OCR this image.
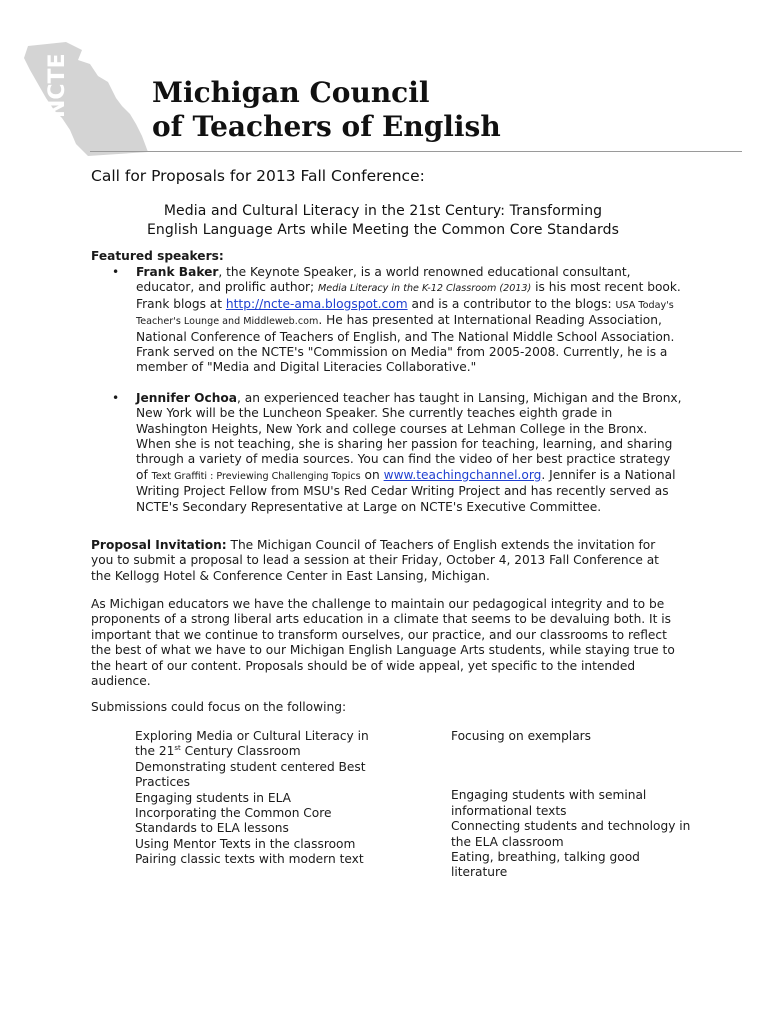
NCTE	Michigan Council
of Teachers of English
Call for Proposals for 2013 Fall Conference:
Media and Cultural Literacy in the 21st Century: Transforming
English Language Arts while Meeting the Common Core Standards
Featured speakers:
• Frank Baker, the Keynote Speaker, is a world renowned educational consultant, educator, and prolific author; Media Literacy in the K-12 Classroom (2013) is his most recent book. Frank blogs at http://ncte-ama.blogspot.com and is a contributor to the blogs: USA Today's Teacher's Lounge and Middleweb.com. He has presented at International Reading Association, National Conference of Teachers of English, and The National Middle School Association. Frank served on the NCTE's "Commission on Media" from 2005-2008. Currently, he is a member of "Media and Digital Literacies Collaborative."
• Jennifer Ochoa, an experienced teacher has taught in Lansing, Michigan and the Bronx, New York will be the Luncheon Speaker. She currently teaches eighth grade in Washington Heights, New York and college courses at Lehman College in the Bronx. When she is not teaching, she is sharing her passion for teaching, learning, and sharing through a variety of media sources. You can find the video of her best practice strategy of Text Graffiti : Previewing Challenging Topics on www.teachingchannel.org. Jennifer is a National Writing Project Fellow from MSU's Red Cedar Writing Project and has recently served as NCTE's Secondary Representative at Large on NCTE's Executive Committee.
Proposal Invitation: The Michigan Council of Teachers of English extends the invitation for you to submit a proposal to lead a session at their Friday, October 4, 2013 Fall Conference at the Kellogg Hotel & Conference Center in East Lansing, Michigan.
As Michigan educators we have the challenge to maintain our pedagogical integrity and to be proponents of a strong liberal arts education in a climate that seems to be devaluing both. It is important that we continue to transform ourselves, our practice, and our classrooms to reflect the best of what we have to our Michigan English Language Arts students, while staying true to the heart of our content. Proposals should be of wide appeal, yet specific to the intended audience.
Submissions could focus on the following:
Exploring Media or Cultural Literacy in the 21st Century Classroom
Demonstrating student centered Best Practices
Engaging students in ELA
Incorporating the Common Core Standards to ELA lessons
Using Mentor Texts in the classroom
Pairing classic texts with modern text
Focusing on exemplars
Engaging students with seminal informational texts
Connecting students and technology in the ELA classroom
Eating, breathing, talking good literature
